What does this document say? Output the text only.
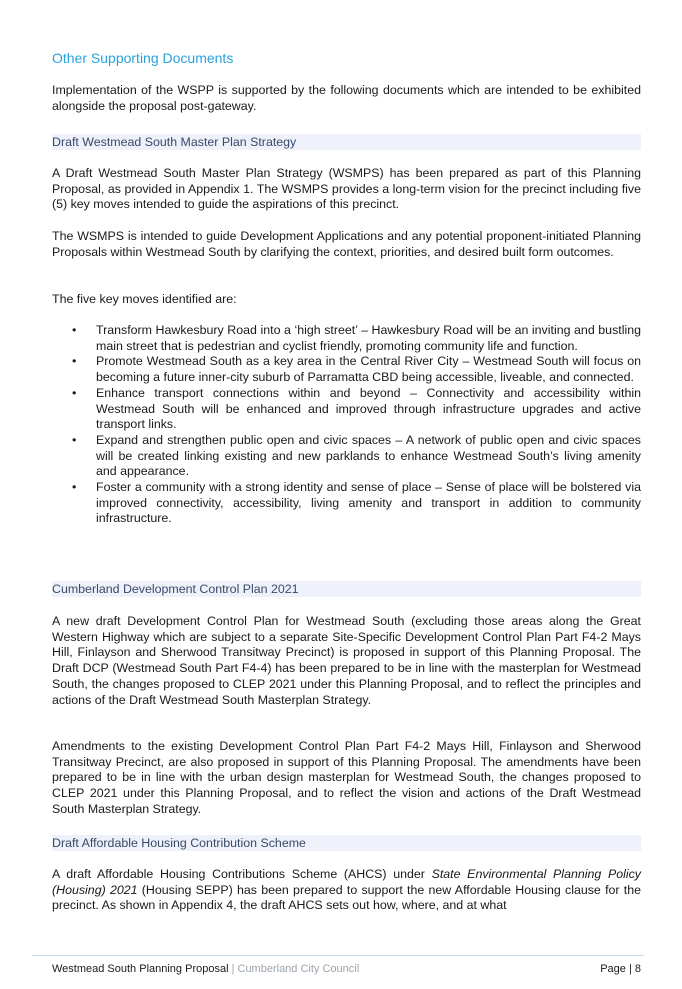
Other Supporting Documents

Implementation of the WSPP is supported by the following documents which are intended to be exhibited alongside the proposal post-gateway.

Draft Westmead South Master Plan Strategy

A Draft Westmead South Master Plan Strategy (WSMPS) has been prepared as part of this Planning Proposal, as provided in Appendix 1. The WSMPS provides a long-term vision for the precinct including five (5) key moves intended to guide the aspirations of this precinct.

The WSMPS is intended to guide Development Applications and any potential proponent-initiated Planning Proposals within Westmead South by clarifying the context, priorities, and desired built form outcomes.

The five key moves identified are:

• Transform Hawkesbury Road into a ‘high street’ – Hawkesbury Road will be an inviting and bustling main street that is pedestrian and cyclist friendly, promoting community life and function.
• Promote Westmead South as a key area in the Central River City – Westmead South will focus on becoming a future inner-city suburb of Parramatta CBD being accessible, liveable, and connected.
• Enhance transport connections within and beyond – Connectivity and accessibility within Westmead South will be enhanced and improved through infrastructure upgrades and active transport links.
• Expand and strengthen public open and civic spaces – A network of public open and civic spaces will be created linking existing and new parklands to enhance Westmead South’s living amenity and appearance.
• Foster a community with a strong identity and sense of place – Sense of place will be bolstered via improved connectivity, accessibility, living amenity and transport in addition to community infrastructure.
Cumberland Development Control Plan 2021

A new draft Development Control Plan for Westmead South (excluding those areas along the Great Western Highway which are subject to a separate Site-Specific Development Control Plan Part F4-2 Mays Hill, Finlayson and Sherwood Transitway Precinct) is proposed in support of this Planning Proposal. The Draft DCP (Westmead South Part F4-4) has been prepared to be in line with the masterplan for Westmead South, the changes proposed to CLEP 2021 under this Planning Proposal, and to reflect the principles and actions of the Draft Westmead South Masterplan Strategy.

Amendments to the existing Development Control Plan Part F4-2 Mays Hill, Finlayson and Sherwood Transitway Precinct, are also proposed in support of this Planning Proposal. The amendments have been prepared to be in line with the urban design masterplan for Westmead South, the changes proposed to CLEP 2021 under this Planning Proposal, and to reflect the vision and actions of the Draft Westmead South Masterplan Strategy.

Draft Affordable Housing Contribution Scheme

A draft Affordable Housing Contributions Scheme (AHCS) under State Environmental Planning Policy (Housing) 2021 (Housing SEPP) has been prepared to support the new Affordable Housing clause for the precinct. As shown in Appendix 4, the draft AHCS sets out how, where, and at what

Westmead South Planning Proposal | Cumberland City Council	Page | 8
